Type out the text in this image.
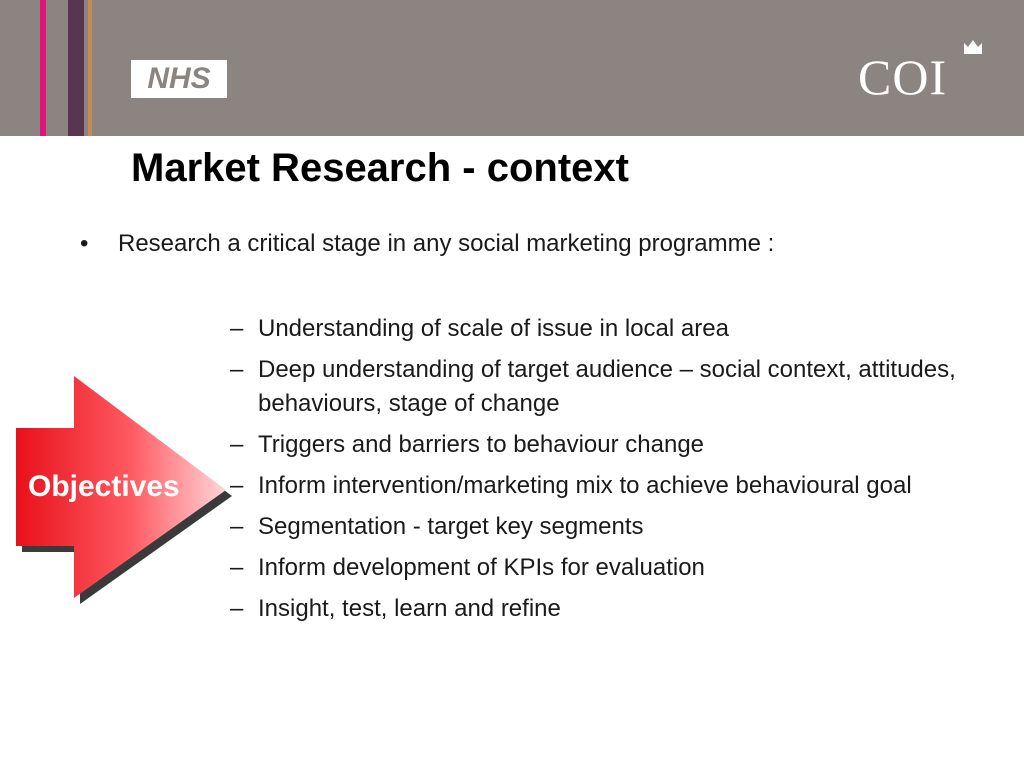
NHS	COI
Market Research - context
•	Research a critical stage in any social marketing programme :
Objectives
– Understanding of scale of issue in local area
– Deep understanding of target audience – social context, attitudes, behaviours, stage of change
– Triggers and barriers to behaviour change
– Inform intervention/marketing mix to achieve behavioural goal
– Segmentation - target key segments
– Inform development of KPIs for evaluation
– Insight, test, learn and refine
